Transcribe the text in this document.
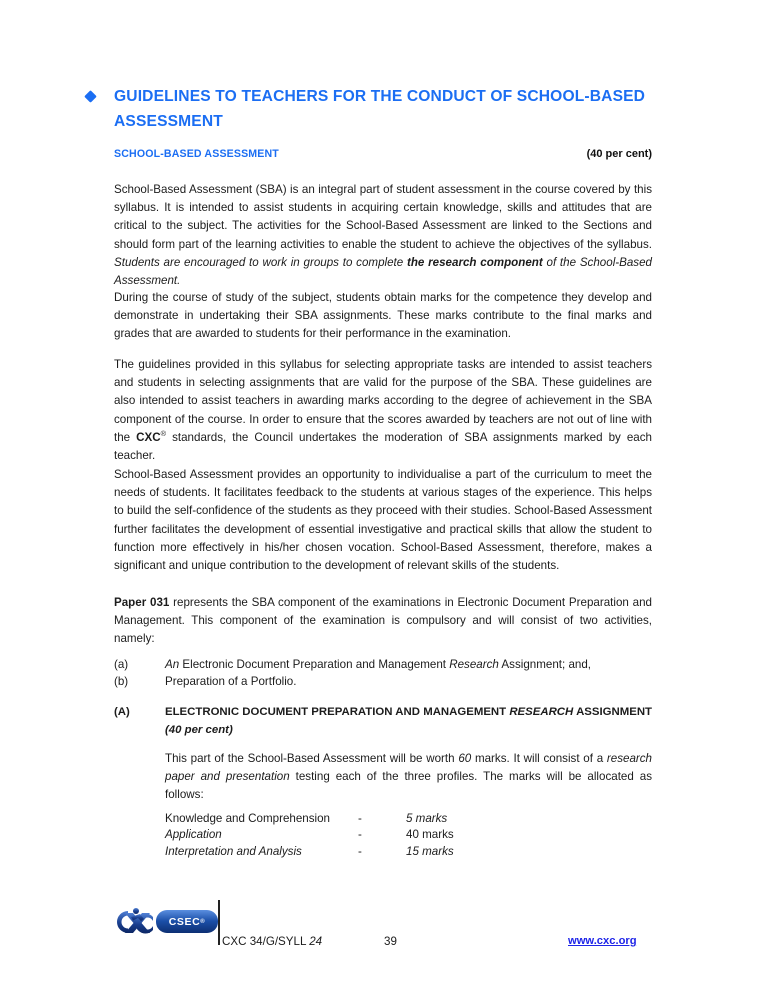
GUIDELINES TO TEACHERS FOR THE CONDUCT OF SCHOOL-BASED ASSESSMENT
SCHOOL-BASED ASSESSMENT	(40 per cent)
School-Based Assessment (SBA) is an integral part of student assessment in the course covered by this syllabus. It is intended to assist students in acquiring certain knowledge, skills and attitudes that are critical to the subject. The activities for the School-Based Assessment are linked to the Sections and should form part of the learning activities to enable the student to achieve the objectives of the syllabus. Students are encouraged to work in groups to complete the research component of the School-Based Assessment.
During the course of study of the subject, students obtain marks for the competence they develop and demonstrate in undertaking their SBA assignments. These marks contribute to the final marks and grades that are awarded to students for their performance in the examination.
The guidelines provided in this syllabus for selecting appropriate tasks are intended to assist teachers and students in selecting assignments that are valid for the purpose of the SBA. These guidelines are also intended to assist teachers in awarding marks according to the degree of achievement in the SBA component of the course. In order to ensure that the scores awarded by teachers are not out of line with the CXC® standards, the Council undertakes the moderation of SBA assignments marked by each teacher.
School-Based Assessment provides an opportunity to individualise a part of the curriculum to meet the needs of students. It facilitates feedback to the students at various stages of the experience. This helps to build the self-confidence of the students as they proceed with their studies. School-Based Assessment further facilitates the development of essential investigative and practical skills that allow the student to function more effectively in his/her chosen vocation. School-Based Assessment, therefore, makes a significant and unique contribution to the development of relevant skills of the students.
Paper 031 represents the SBA component of the examinations in Electronic Document Preparation and Management. This component of the examination is compulsory and will consist of two activities, namely:
(a)	An Electronic Document Preparation and Management Research Assignment; and,
(b)	Preparation of a Portfolio.
(A)	ELECTRONIC DOCUMENT PREPARATION AND MANAGEMENT RESEARCH ASSIGNMENT (40 per cent)
This part of the School-Based Assessment will be worth 60 marks. It will consist of a research paper and presentation testing each of the three profiles. The marks will be allocated as follows:
Knowledge and Comprehension	-	5 marks
Application	-	40 marks
Interpretation and Analysis	-	15 marks
CSEC ®
CXC 34/G/SYLL 24	39	www.cxc.org
